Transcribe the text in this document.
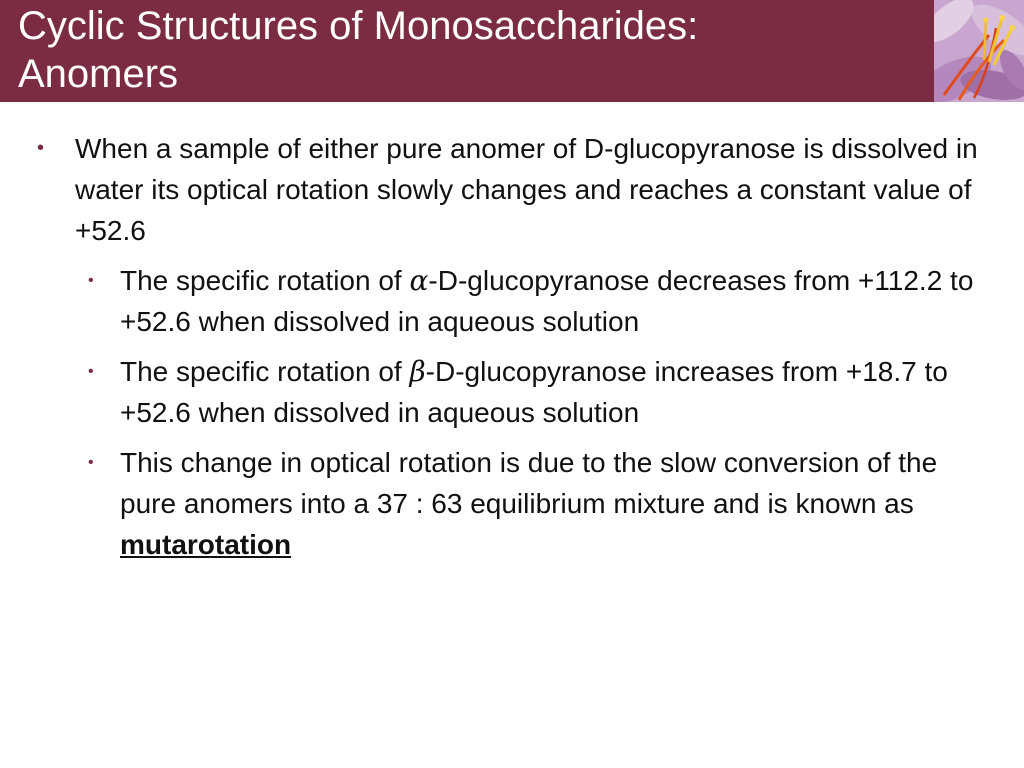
Cyclic Structures of Monosaccharides:
Anomers

• When a sample of either pure anomer of D-glucopyranose is dissolved in water its optical rotation slowly changes and reaches a constant value of +52.6

• The specific rotation of α-D-glucopyranose decreases from +112.2 to +52.6 when dissolved in aqueous solution

• The specific rotation of β-D-glucopyranose increases from +18.7 to +52.6 when dissolved in aqueous solution

• This change in optical rotation is due to the slow conversion of the pure anomers into a 37 : 63 equilibrium mixture and is known as mutarotation
